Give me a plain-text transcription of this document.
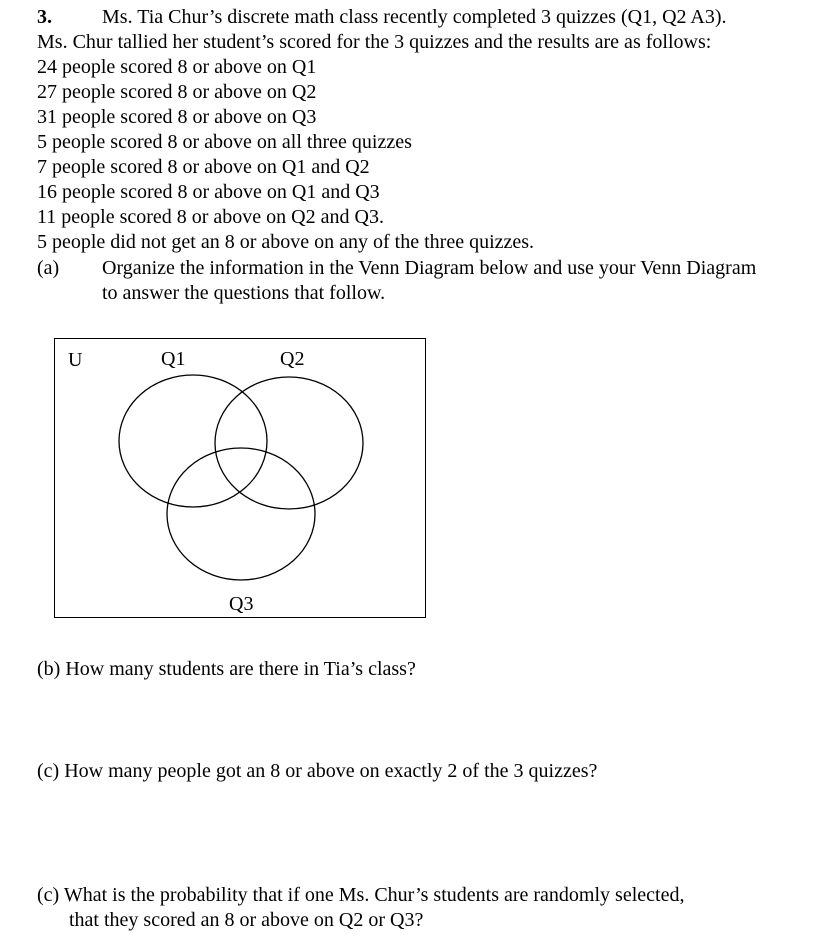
3.	Ms. Tia Chur’s discrete math class recently completed 3 quizzes (Q1, Q2 A3).
Ms. Chur tallied her student’s scored for the 3 quizzes and the results are as follows:
24 people scored 8 or above on Q1
27 people scored 8 or above on Q2
31 people scored 8 or above on Q3
5 people scored 8 or above on all three quizzes
7 people scored 8 or above on Q1 and Q2
16 people scored 8 or above on Q1 and Q3
11 people scored 8 or above on Q2 and Q3.
5 people did not get an 8 or above on any of the three quizzes.
(a) Organize the information in the Venn Diagram below and use your Venn Diagram
to answer the questions that follow.
U	Q1	Q2
Q3
(b) How many students are there in Tia’s class?
(c) How many people got an 8 or above on exactly 2 of the 3 quizzes?
(c) What is the probability that if one Ms. Chur’s students are randomly selected,
that they scored an 8 or above on Q2 or Q3?
